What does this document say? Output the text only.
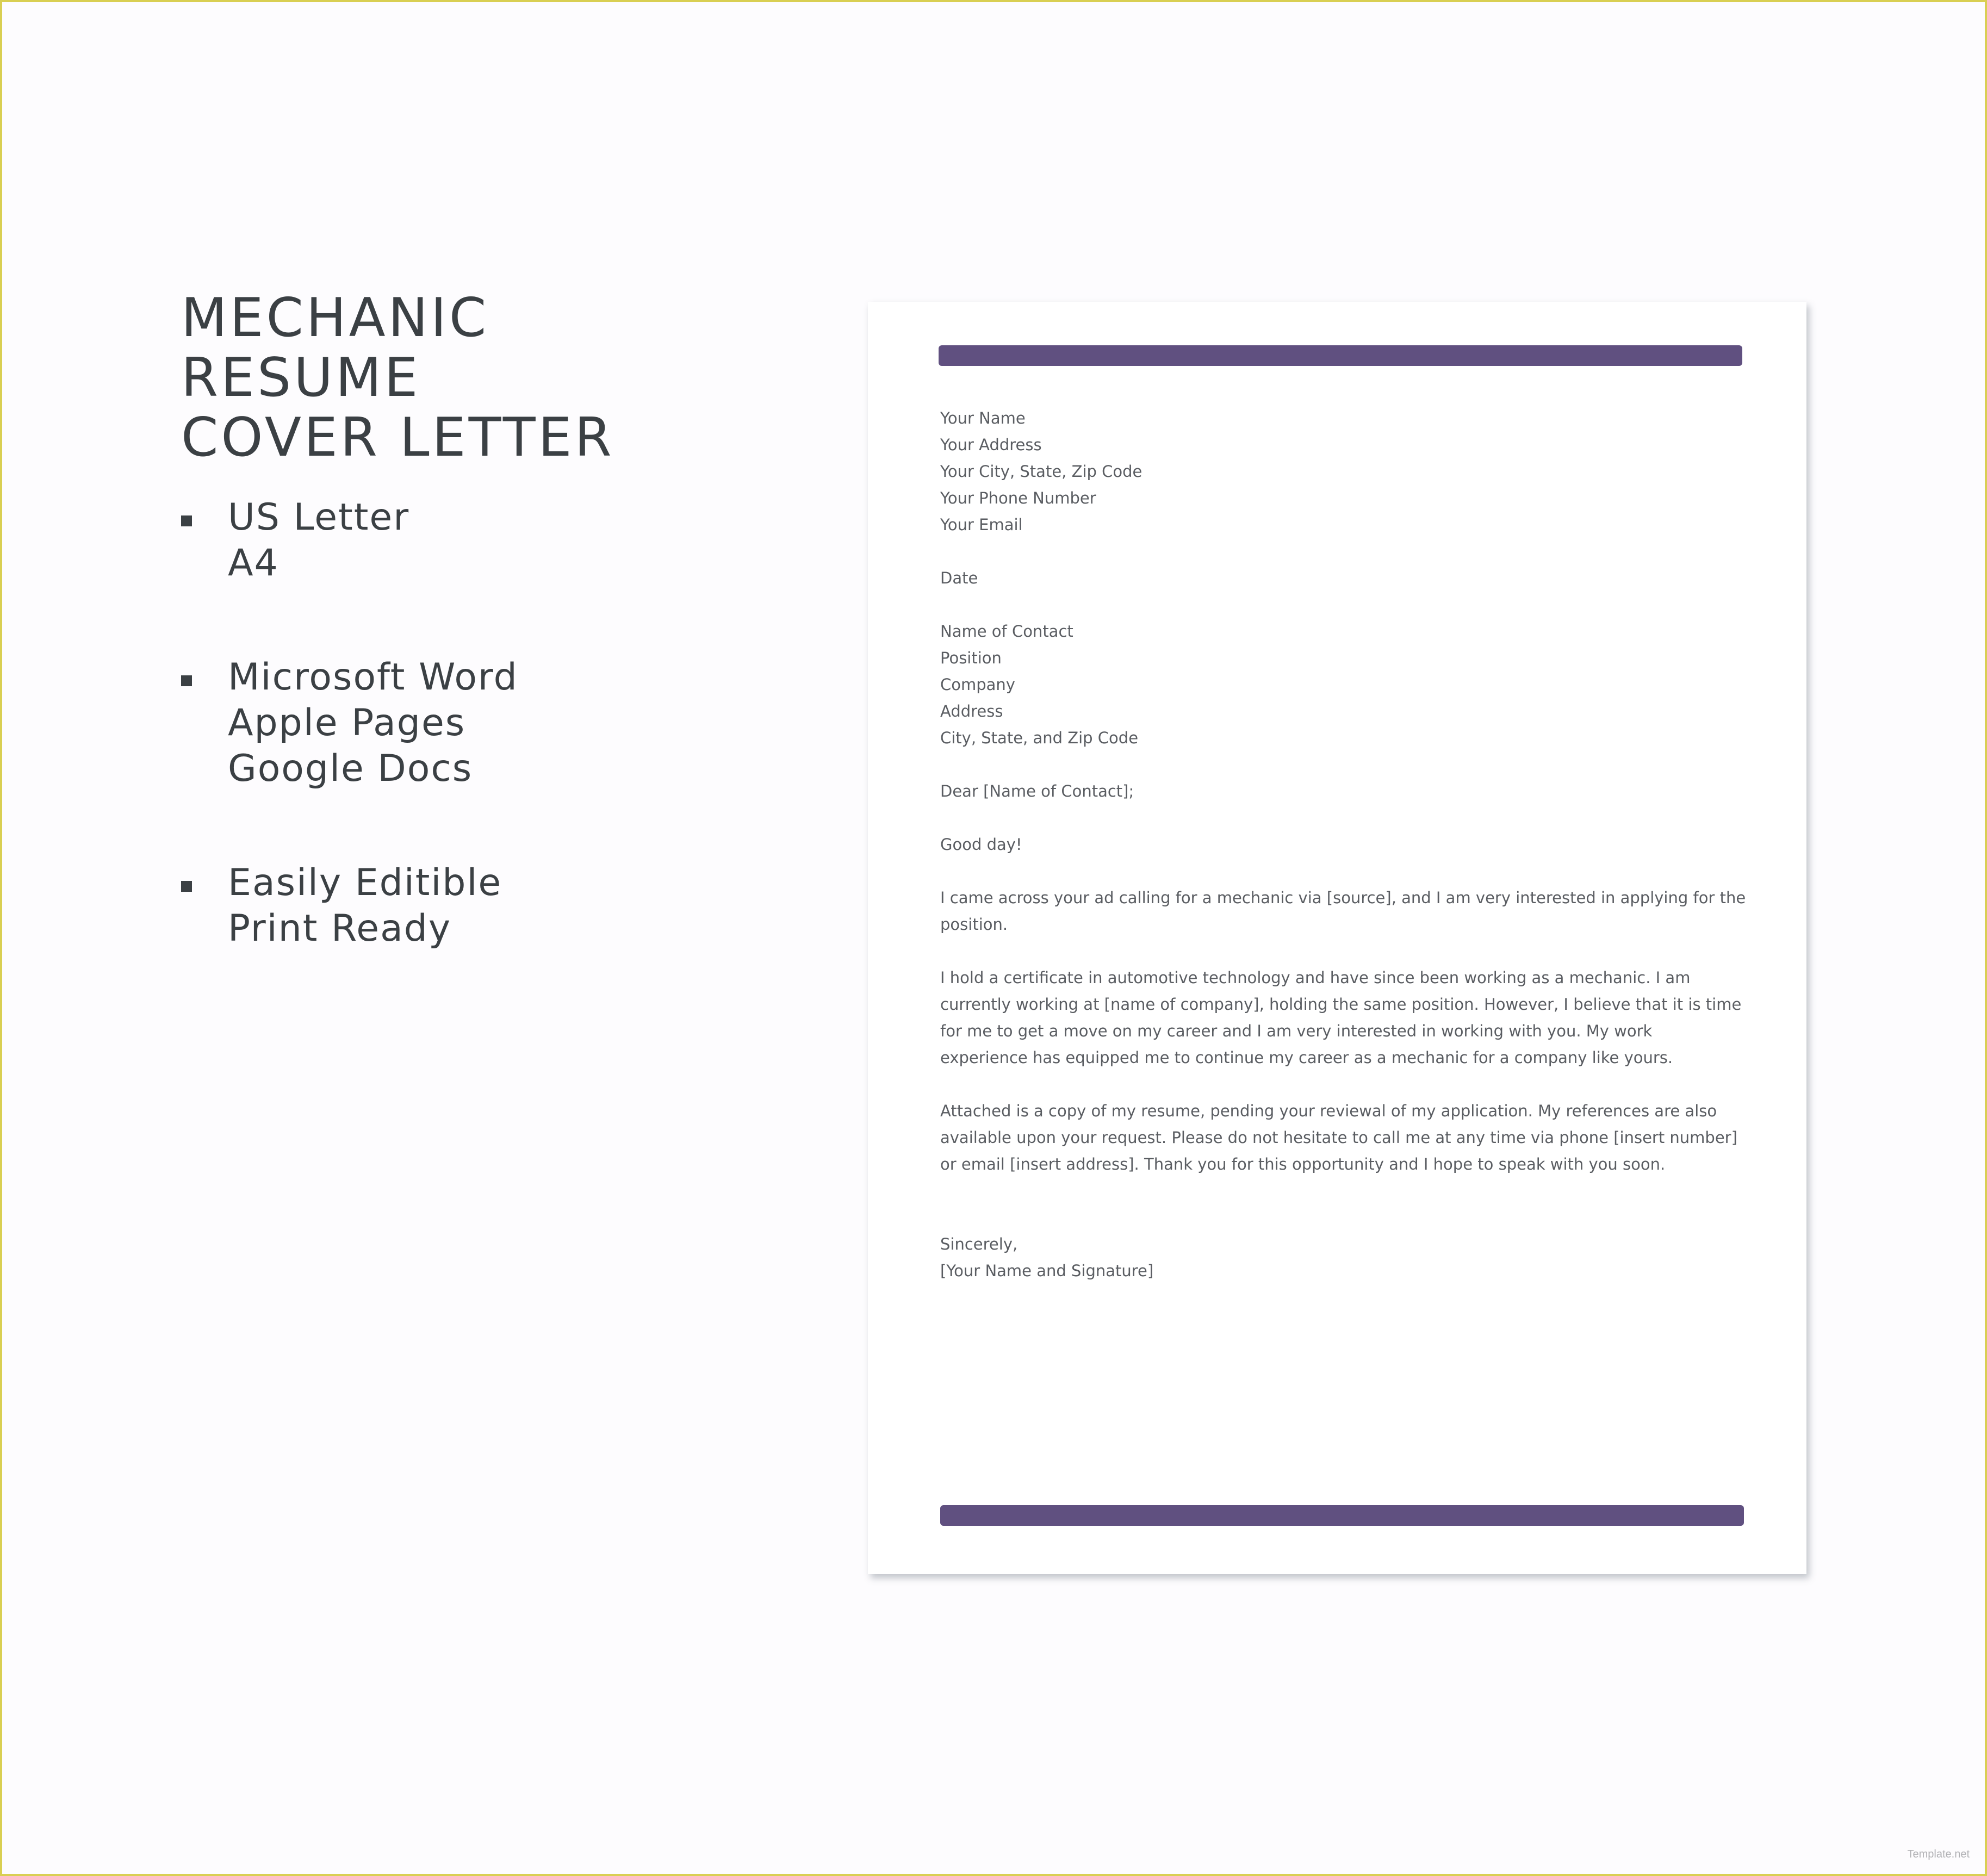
MECHANIC RESUME
COVER LETTER
US Letter
A4
Microsoft Word
Apple Pages
Google Docs
Easily Editible
Print Ready
Your Name
Your Address
Your City, State, Zip Code
Your Phone Number
Your Email
Date
Name of Contact
Position
Company
Address
City, State, and Zip Code
Dear [Name of Contact];
Good day!
I came across your ad calling for a mechanic via [source], and I am very interested in applying for the
position.
I hold a certificate in automotive technology and have since been working as a mechanic. I am
currently working at [name of company], holding the same position. However, I believe that it is time
for me to get a move on my career and I am very interested in working with you. My work
experience has equipped me to continue my career as a mechanic for a company like yours.
Attached is a copy of my resume, pending your reviewal of my application. My references are also
available upon your request. Please do not hesitate to call me at any time via phone [insert number]
or email [insert address]. Thank you for this opportunity and I hope to speak with you soon.
Sincerely,
[Your Name and Signature]
Template.net
